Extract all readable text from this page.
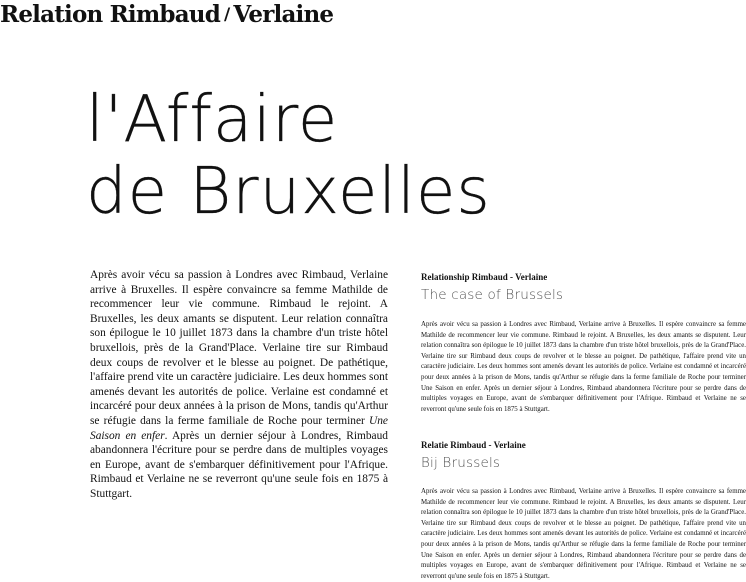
Relation Rimbaud / Verlaine
l'Affaire
de Bruxelles

Après avoir vécu sa passion à Londres avec Rimbaud, Verlaine arrive à Bruxelles. Il espère convaincre sa femme Mathilde de recommencer leur vie commune. Rimbaud le rejoint. A Bruxelles, les deux amants se disputent. Leur relation connaîtra son épilogue le 10 juillet 1873 dans la chambre d'un triste hôtel bruxellois, près de la Grand'Place. Verlaine tire sur Rimbaud deux coups de revolver et le blesse au poignet. De pathétique, l'affaire prend vite un caractère judiciaire. Les deux hommes sont amenés devant les autorités de police. Verlaine est condamné et incarcéré pour deux années à la prison de Mons, tandis qu'Arthur se réfugie dans la ferme familiale de Roche pour terminer Une Saison en enfer. Après un dernier séjour à Londres, Rimbaud abandonnera l'écriture pour se perdre dans de multiples voyages en Europe, avant de s'embarquer définitivement pour l'Afrique. Rimbaud et Verlaine ne se reverront qu'une seule fois en 1875 à Stuttgart.

Relationship Rimbaud - Verlaine

The case of Brussels

Après avoir vécu sa passion à Londres avec Rimbaud, Verlaine arrive à Bruxelles. Il espère convaincre sa femme Mathilde de recommencer leur vie commune. Rimbaud le rejoint. A Bruxelles, les deux amants se disputent. Leur relation connaîtra son épilogue le 10 juillet 1873 dans la chambre d'un triste hôtel bruxellois, près de la Grand'Place. Verlaine tire sur Rimbaud deux coups de revolver et le blesse au poignet. De pathétique, l'affaire prend vite un caractère judiciaire. Les deux hommes sont amenés devant les autorités de police. Verlaine est condamné et incarcéré pour deux années à la prison de Mons, tandis qu'Arthur se réfugie dans la ferme familiale de Roche pour terminer Une Saison en enfer. Après un dernier séjour à Londres, Rimbaud abandonnera l'écriture pour se perdre dans de multiples voyages en Europe, avant de s'embarquer définitivement pour l'Afrique. Rimbaud et Verlaine ne se reverront qu'une seule fois en 1875 à Stuttgart.

Relatie Rimbaud - Verlaine

Bij Brussels

Après avoir vécu sa passion à Londres avec Rimbaud, Verlaine arrive à Bruxelles. Il espère convaincre sa femme Mathilde de recommencer leur vie commune. Rimbaud le rejoint. A Bruxelles, les deux amants se disputent. Leur relation connaîtra son épilogue le 10 juillet 1873 dans la chambre d'un triste hôtel bruxellois, près de la Grand'Place. Verlaine tire sur Rimbaud deux coups de revolver et le blesse au poignet. De pathétique, l'affaire prend vite un caractère judiciaire. Les deux hommes sont amenés devant les autorités de police. Verlaine est condamné et incarcéré pour deux années à la prison de Mons, tandis qu'Arthur se réfugie dans la ferme familiale de Roche pour terminer Une Saison en enfer. Après un dernier séjour à Londres, Rimbaud abandonnera l'écriture pour se perdre dans de multiples voyages en Europe, avant de s'embarquer définitivement pour l'Afrique. Rimbaud et Verlaine ne se reverront qu'une seule fois en 1875 à Stuttgart.
